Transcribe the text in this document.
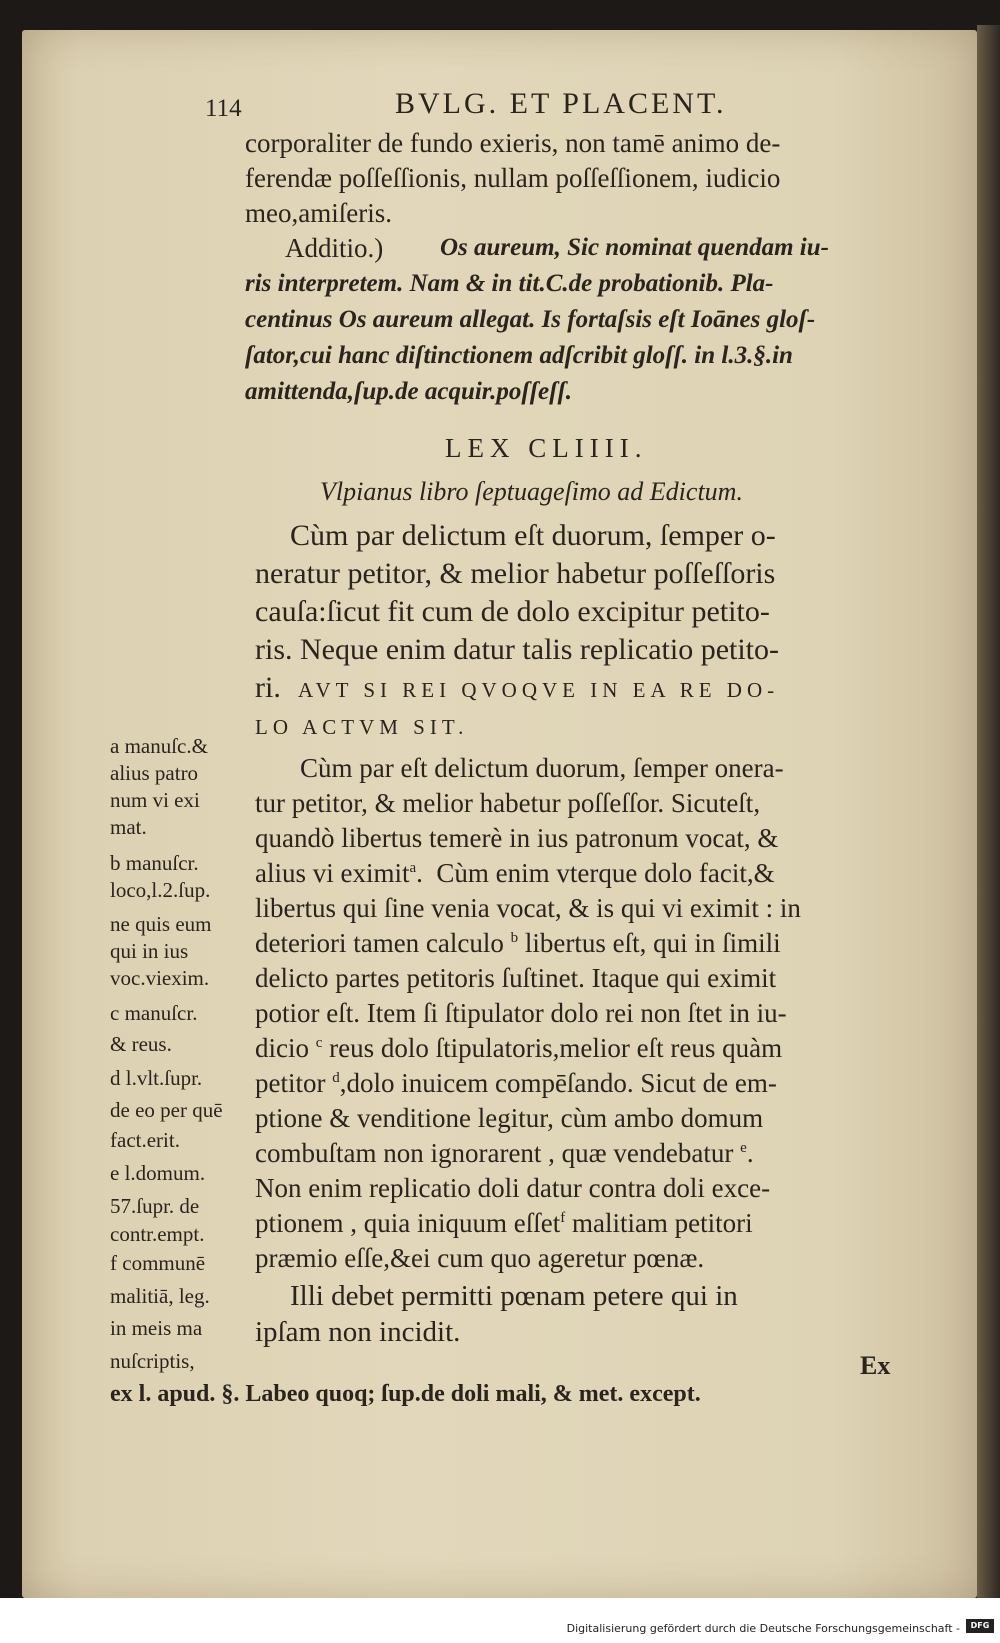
114	BVLG. ET PLACENT.
corporaliter de fundo exieris, non tamē animo de-
ferendæ poſſeſſionis, nullam poſſeſſionem, iudicio
meo,amiſeris.
Additio.) Os aureum, Sic nominat quendam iu-
ris interpretem. Nam & in tit.C.de probationib. Pla-
centinus Os aureum allegat. Is fortaſsis eſt Ioānes gloſ-
ſator,cui hanc diſtinctionem adſcribit gloſſ. in l.3.§.in
amittenda,ſup.de acquir.poſſeſſ.
LEX CLIIII.
Vlpianus libro ſeptuageſimo ad Edictum.
Cùm par delictum eſt duorum, ſemper o-
neratur petitor, & melior habetur poſſeſſoris
cauſa:ſicut fit cum de dolo excipitur petito-
ris. Neque enim datur talis replicatio petito-
ri. AVT SI REI QVOQVE IN EA RE DO-
LO ACTVM SIT.
Cùm par eſt delictum duorum, ſemper onera-
tur petitor, & melior habetur poſſeſſor. Sicuteſt,
quandò libertus temerè in ius patronum vocat, &
alius vi eximit$^a$.  Cùm enim vterque dolo facit,&
libertus qui ſine venia vocat, & is qui vi eximit : in
deteriori tamen calculo $^b$ libertus eſt, qui in ſimili
delicto partes petitoris ſuſtinet. Itaque qui eximit
potior eſt. Item ſi ſtipulator dolo rei non ſtet in iu-
dicio $^c$ reus dolo ſtipulatoris,melior eſt reus quàm
petitor $^d$,dolo inuicem compēſando. Sicut de em-
ptione & venditione legitur, cùm ambo domum
combuſtam non ignorarent , quæ vendebatur $^e$.
Non enim replicatio doli datur contra doli exce-
ptionem , quia iniquum eſſet$^f$ malitiam petitori
præmio eſſe,&ei cum quo ageretur pœnæ.
Illi debet permitti pœnam petere qui in
ipſam non incidit.
Ex
a manuſc.&
alius patro
num vi exi
mat.
b manuſcr.
loco,l.2.ſup.
ne quis eum
qui in ius
voc.viexim.
c manuſcr.
& reus.
d l.vlt.ſupr.
de eo per quē
fact.erit.
e l.domum.
57.ſupr. de
contr.empt.
f communē
malitiā, leg.
in meis ma
nuſcriptis,
ex l. apud. §. Labeo quoq; ſup.de doli mali, & met. except.
Digitalisierung gefördert durch die Deutsche Forschungsgemeinschaft -	DFG
